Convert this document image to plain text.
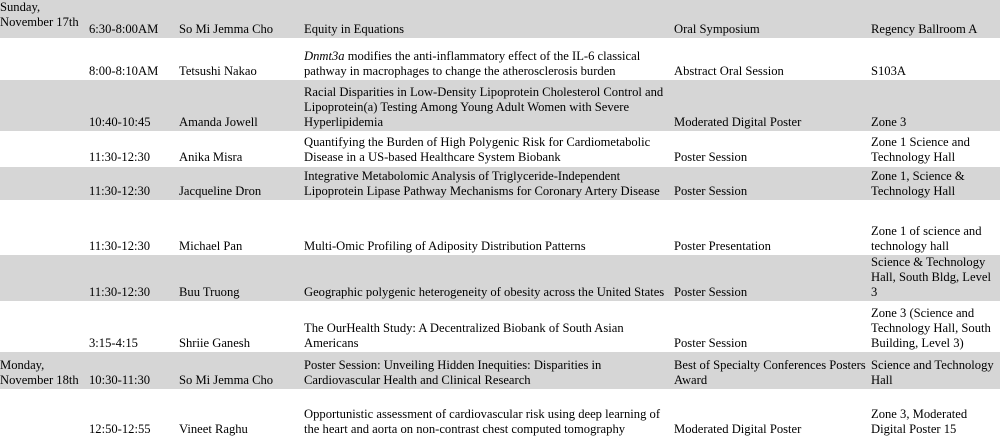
Sunday, November 17th	6:30-8:00AM	So Mi Jemma Cho	Equity in Equations	Oral Symposium	Regency Ballroom A
	8:00-8:10AM	Tetsushi Nakao	Dnmt3a modifies the anti-inflammatory effect of the IL-6 classical pathway in macrophages to change the atherosclerosis burden	Abstract Oral Session	S103A
	10:40-10:45	Amanda Jowell	Racial Disparities in Low-Density Lipoprotein Cholesterol Control and Lipoprotein(a) Testing Among Young Adult Women with Severe Hyperlipidemia	Moderated Digital Poster	Zone 3
	11:30-12:30	Anika Misra	Quantifying the Burden of High Polygenic Risk for Cardiometabolic Disease in a US-based Healthcare System Biobank	Poster Session	Zone 1 Science and Technology Hall
	11:30-12:30	Jacqueline Dron	Integrative Metabolomic Analysis of Triglyceride-Independent Lipoprotein Lipase Pathway Mechanisms for Coronary Artery Disease	Poster Session	Zone 1, Science & Technology Hall
	11:30-12:30	Michael Pan	Multi-Omic Profiling of Adiposity Distribution Patterns	Poster Presentation	Zone 1 of science and technology hall
	11:30-12:30	Buu Truong	Geographic polygenic heterogeneity of obesity across the United States	Poster Session	Science & Technology Hall, South Bldg, Level 3
	3:15-4:15	Shriie Ganesh	The OurHealth Study: A Decentralized Biobank of South Asian Americans	Poster Session	Zone 3 (Science and Technology Hall, South Building, Level 3)
Monday, November 18th	10:30-11:30	So Mi Jemma Cho	Poster Session: Unveiling Hidden Inequities: Disparities in Cardiovascular Health and Clinical Research	Best of Specialty Conferences Posters Award	Science and Technology Hall
	12:50-12:55	Vineet Raghu	Opportunistic assessment of cardiovascular risk using deep learning of the heart and aorta on non-contrast chest computed tomography	Moderated Digital Poster	Zone 3, Moderated Digital Poster 15
